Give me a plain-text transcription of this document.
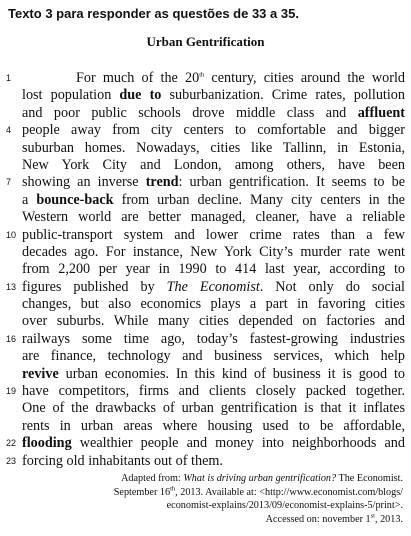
Texto 3 para responder as questões de 33 a 35.
Urban Gentrification
1	For much of the 20th century, cities around the world
lost population due to suburbanization. Crime rates, pollution
and poor public schools drove middle class and affluent
4 people away from city centers to comfortable and bigger
suburban homes. Nowadays, cities like Tallinn, in Estonia,
New York City and London, among others, have been
7 showing an inverse trend: urban gentrification. It seems to be
a bounce-back from urban decline. Many city centers in the
Western world are better managed, cleaner, have a reliable
10 public-transport system and lower crime rates than a few
decades ago. For instance, New York City’s murder rate went
from 2,200 per year in 1990 to 414 last year, according to
13 figures published by The Economist. Not only do social
changes, but also economics plays a part in favoring cities
over suburbs. While many cities depended on factories and
16 railways some time ago, today’s fastest-growing industries
are finance, technology and business services, which help
revive urban economies. In this kind of business it is good to
19 have competitors, firms and clients closely packed together.
One of the drawbacks of urban gentrification is that it inflates
rents in urban areas where housing used to be affordable,
22 flooding wealthier people and money into neighborhoods and
23 forcing old inhabitants out of them.
Adapted from: What is driving urban gentrification? The Economist.
September 16th, 2013. Available at: <http://www.economist.com/blogs/
economist-explains/2013/09/economist-explains-5/print>.
Accessed on: november 1st, 2013.
